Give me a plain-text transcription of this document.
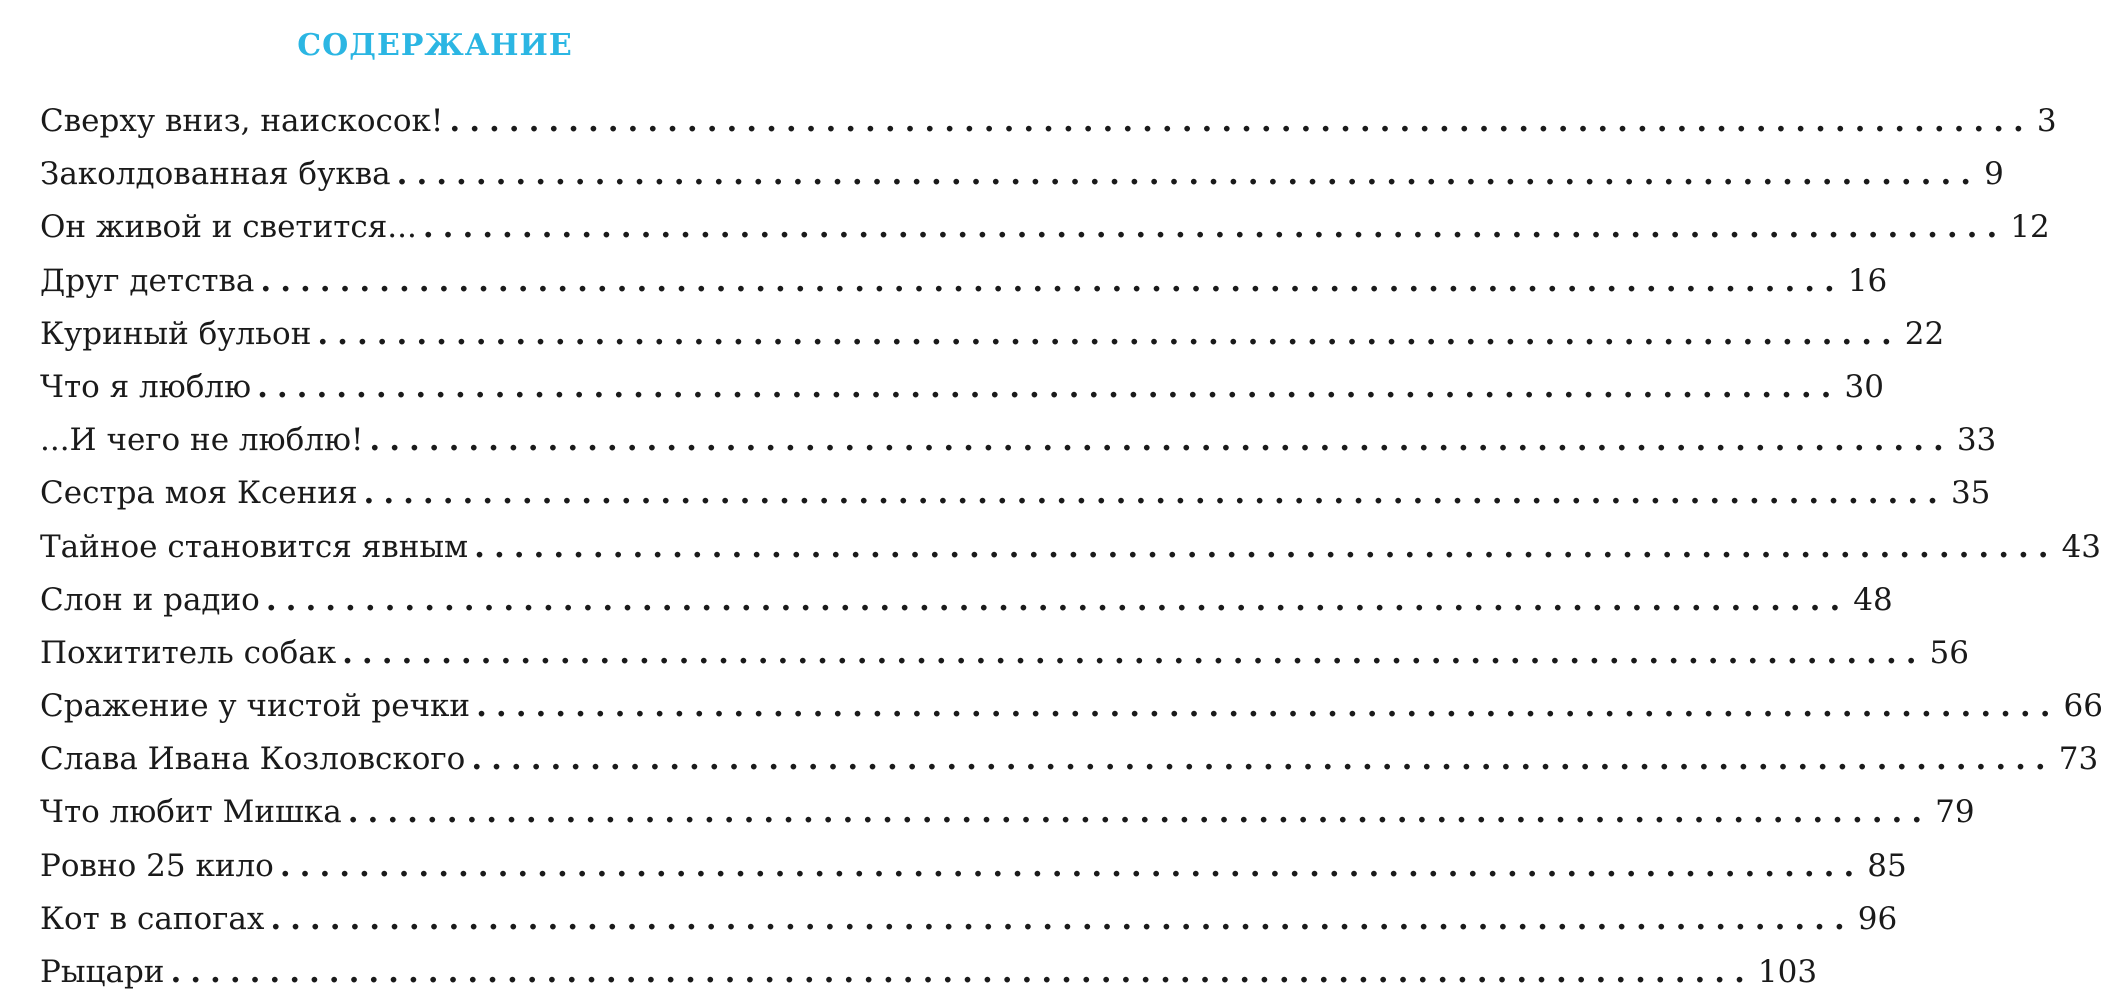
СОДЕРЖАНИЕ
Сверху вниз, наискосок! ................................................................................ 3
Заколдованная буква ................................................................................ 9
Он живой и светится... ................................................................................ 12
Друг детства ................................................................................ 16
Куриный бульон ................................................................................ 22
Что я люблю ................................................................................ 30
...И чего не люблю! ................................................................................ 33
Сестра моя Ксения ................................................................................ 35
Тайное становится явным ................................................................................ 43
Слон и радио ................................................................................ 48
Похититель собак ................................................................................ 56
Сражение у чистой речки ................................................................................ 66
Слава Ивана Козловского ................................................................................ 73
Что любит Мишка ................................................................................ 79
Ровно 25 кило ................................................................................ 85
Кот в сапогах ................................................................................ 96
Рыцари ................................................................................ 103
